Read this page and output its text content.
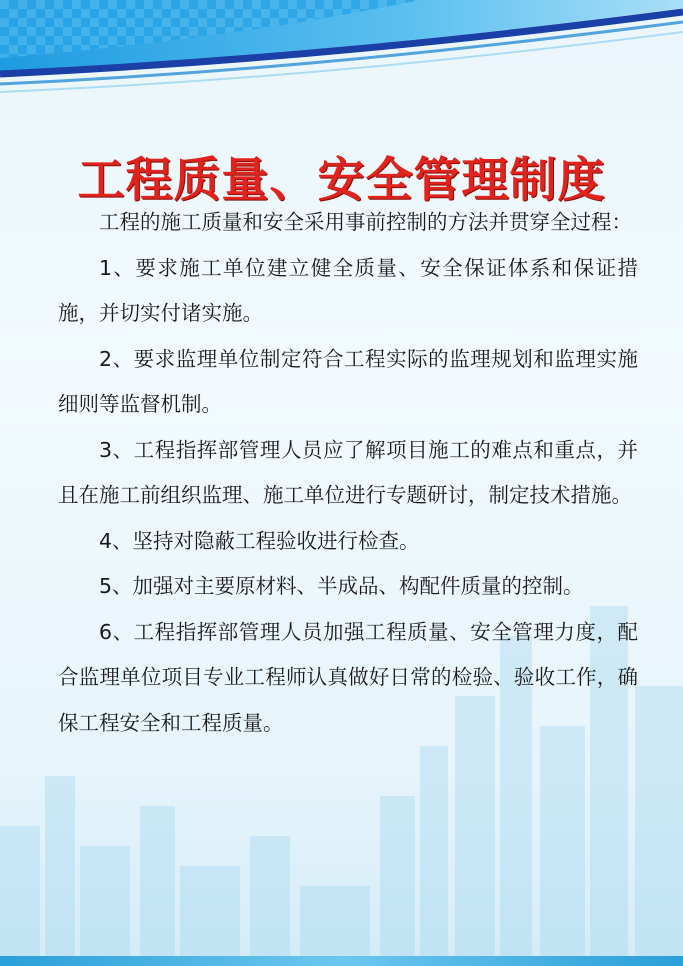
工程质量、安全管理制度

工程的施工质量和安全采用事前控制的方法并贯穿全过程：

1、要求施工单位建立健全质量、安全保证体系和保证措施，并切实付诸实施。

2、要求监理单位制定符合工程实际的监理规划和监理实施细则等监督机制。

3、工程指挥部管理人员应了解项目施工的难点和重点，并且在施工前组织监理、施工单位进行专题研讨，制定技术措施。

4、坚持对隐蔽工程验收进行检查。

5、加强对主要原材料、半成品、构配件质量的控制。

6、工程指挥部管理人员加强工程质量、安全管理力度，配合监理单位项目专业工程师认真做好日常的检验、验收工作，确保工程安全和工程质量。
